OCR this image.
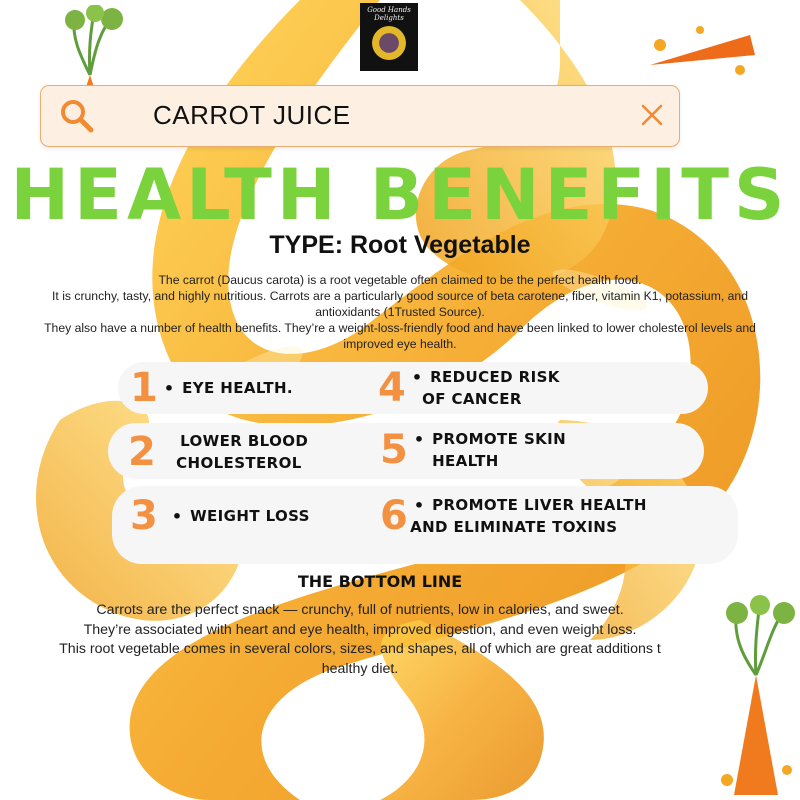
Good Hands
Delights
CARROT JUICE
HEALTH BENEFITS
TYPE: Root Vegetable

The carrot (Daucus carota) is a root vegetable often claimed to be the perfect health food.

It is crunchy, tasty, and highly nutritious. Carrots are a particularly good source of beta carotene, fiber, vitamin K1, potassium, and

antioxidants (1Trusted Source).

They also have a number of health benefits. They’re a weight-loss-friendly food and have been linked to lower cholesterol levels and

improved eye health.

1 • EYE HEALTH. 4 • REDUCED RISK
OF CANCER
2 LOWER BLOOD
CHOLESTEROL 5 • PROMOTE SKIN
HEALTH
3 • WEIGHT LOSS 6 • PROMOTE LIVER HEALTH
AND ELIMINATE TOXINS
THE BOTTOM LINE

Carrots are the perfect snack — crunchy, full of nutrients, low in calories, and sweet.

They’re associated with heart and eye health, improved digestion, and even weight loss.

This root vegetable comes in several colors, sizes, and shapes, all of which are great additions t

healthy diet.
